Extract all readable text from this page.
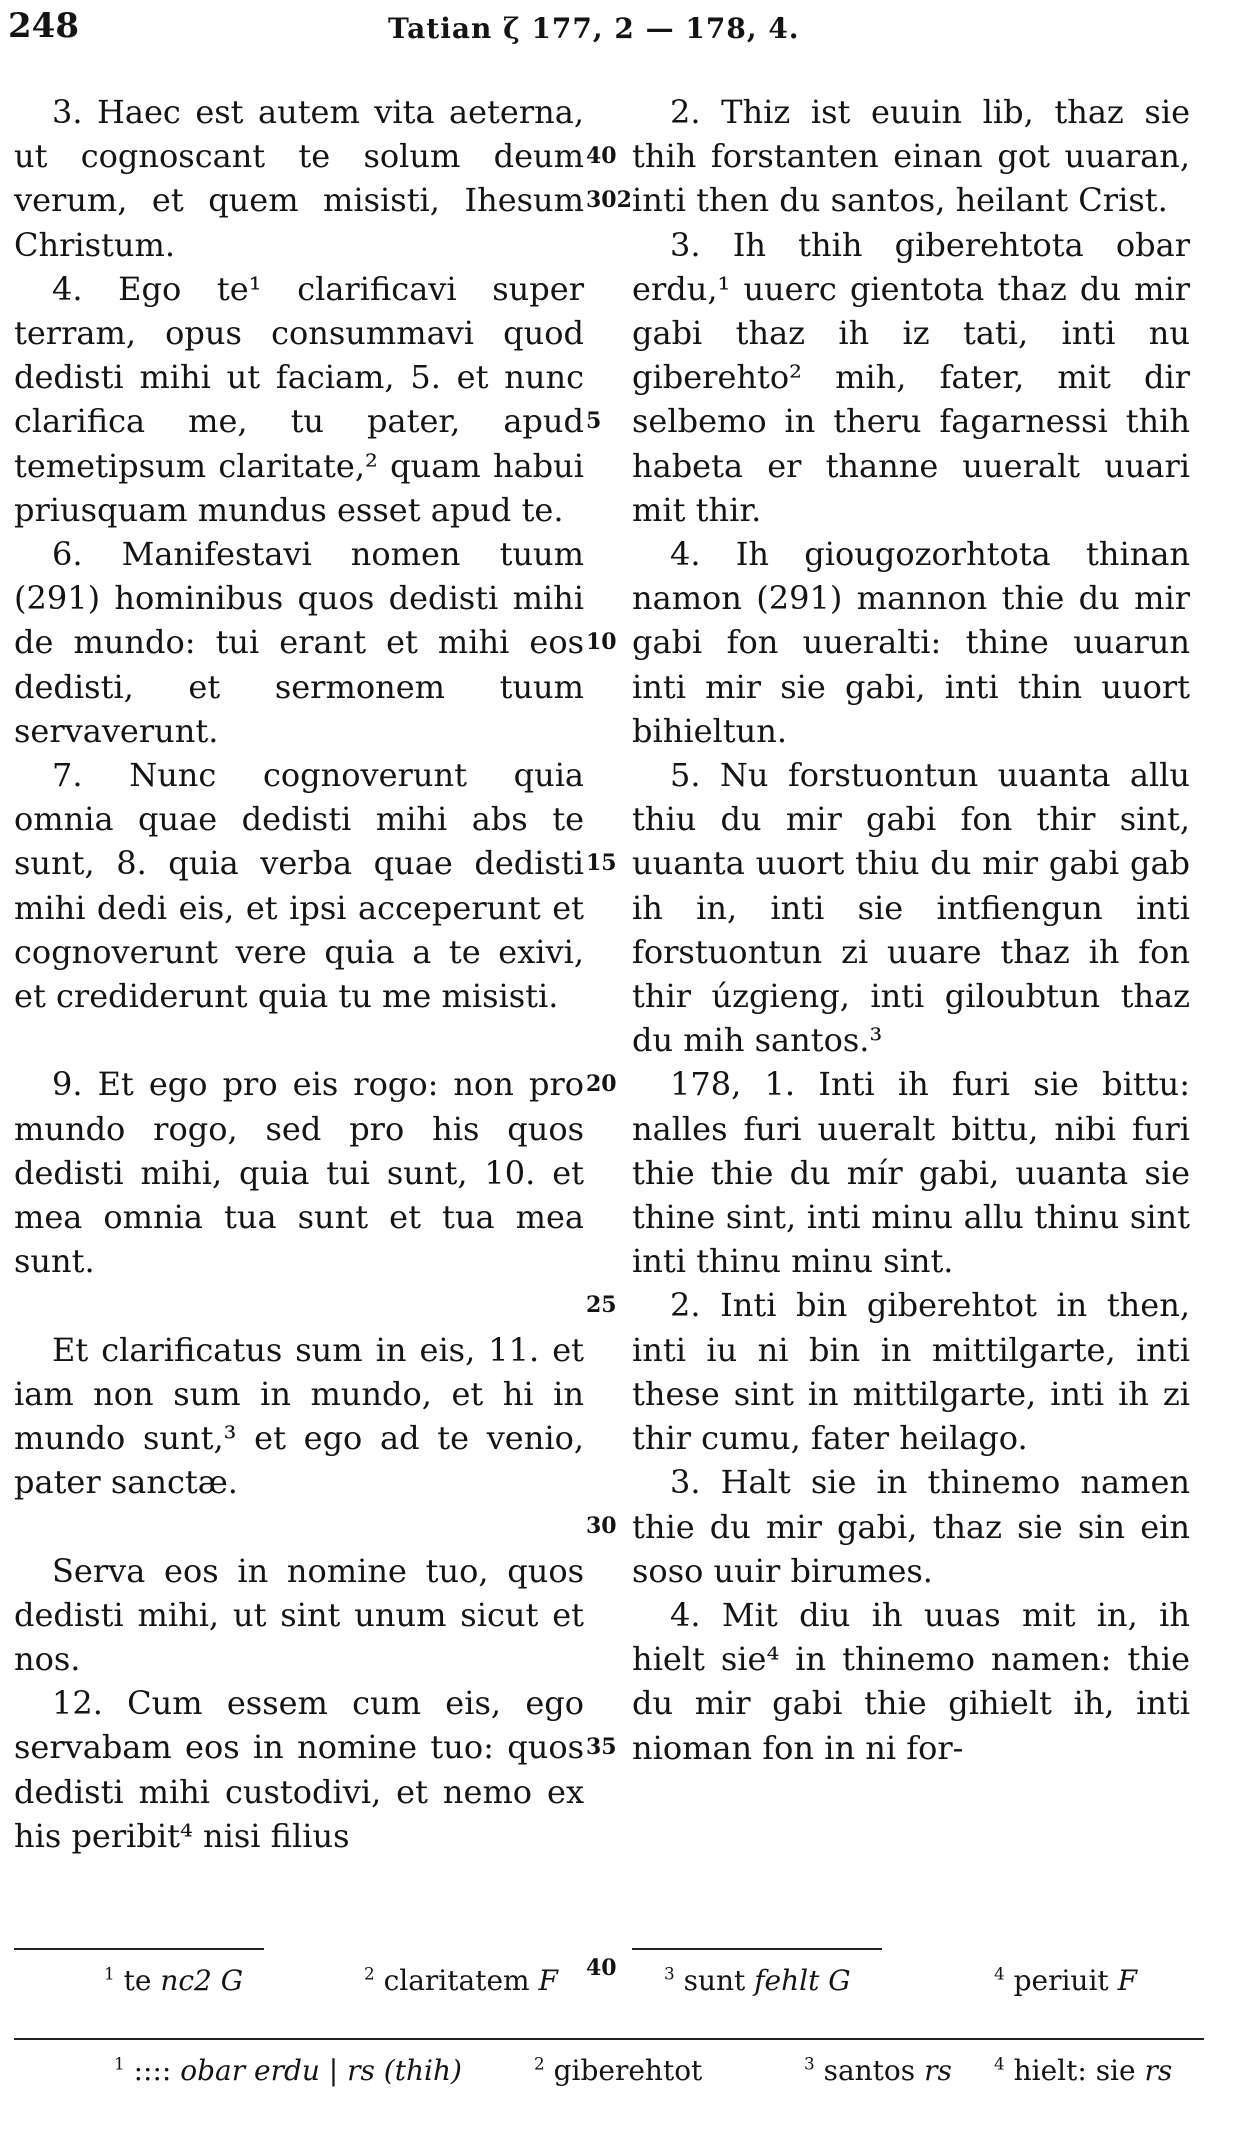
248	Tatian ζ 177, 2 — 178, 4.

3. Haec est autem vita aeterna, ut cognoscant te solum deum verum, et quem misisti, Ihesum Christum.

4. Ego te¹ clarificavi super terram, opus consummavi quod dedisti mihi ut faciam, 5. et nunc clarifica me, tu pater, apud temetipsum claritate,² quam habui priusquam mundus esset apud te.

6. Manifestavi nomen tuum (291) hominibus quos dedisti mihi de mundo: tui erant et mihi eos dedisti, et sermonem tuum servaverunt.

7. Nunc cognoverunt quia omnia quae dedisti mihi abs te sunt, 8. quia verba quae dedisti mihi dedi eis, et ipsi acceperunt et cognoverunt vere quia a te exivi, et crediderunt quia tu me misisti.

9. Et ego pro eis rogo: non pro mundo rogo, sed pro his quos dedisti mihi, quia tui sunt, 10. et mea omnia tua sunt et tua mea sunt.

Et clarificatus sum in eis, 11. et iam non sum in mundo, et hi in mundo sunt,³ et ego ad te venio, pater sanctæ.

Serva eos in nomine tuo, quos dedisti mihi, ut sint unum sicut et nos.

12. Cum essem cum eis, ego servabam eos in nomine tuo: quos dedisti mihi custodivi, et nemo ex his peribit⁴ nisi filius

2. Thiz ist euuin lib, thaz sie thih forstanten einan got uuaran, inti then du santos, heilant Crist.

3. Ih thih giberehtota obar erdu,¹ uuerc gientota thaz du mir gabi thaz ih iz tati, inti nu giberehto² mih, fater, mit dir selbemo in theru fagarnessi thih habeta er thanne uueralt uuari mit thir.

4. Ih giougozorhtota thinan namon (291) mannon thie du mir gabi fon uueralti: thine uuarun inti mir sie gabi, inti thin uuort bihieltun.

5. Nu forstuontun uuanta allu thiu du mir gabi fon thir sint, uuanta uuort thiu du mir gabi gab ih in, inti sie intfiengun inti forstuontun zi uuare thaz ih fon thir úzgieng, inti giloubtun thaz du mih santos.³

178, 1. Inti ih furi sie bittu: nalles furi uueralt bittu, nibi furi thie thie du mír gabi, uuanta sie thine sint, inti minu allu thinu sint inti thinu minu sint.

2. Inti bin giberehtot in then, inti iu ni bin in mittilgarte, inti these sint in mittilgarte, inti ih zi thir cumu, fater heilago.

3. Halt sie in thinemo namen thie du mir gabi, thaz sie sin ein soso uuir birumes.

4. Mit diu ih uuas mit in, ih hielt sie⁴ in thinemo namen: thie du mir gabi thie gihielt ih, inti nioman fon in ni for-

40
302
5
10
15
20
25
30
35
40
$^1$ te nc2 G	$^2$ claritatem F	$^3$ sunt fehlt G	$^4$ periuit F
$^1$ :::: obar erdu | rs (thih)	$^2$ giberehtot	$^3$ santos rs	$^4$ hielt: sie rs
